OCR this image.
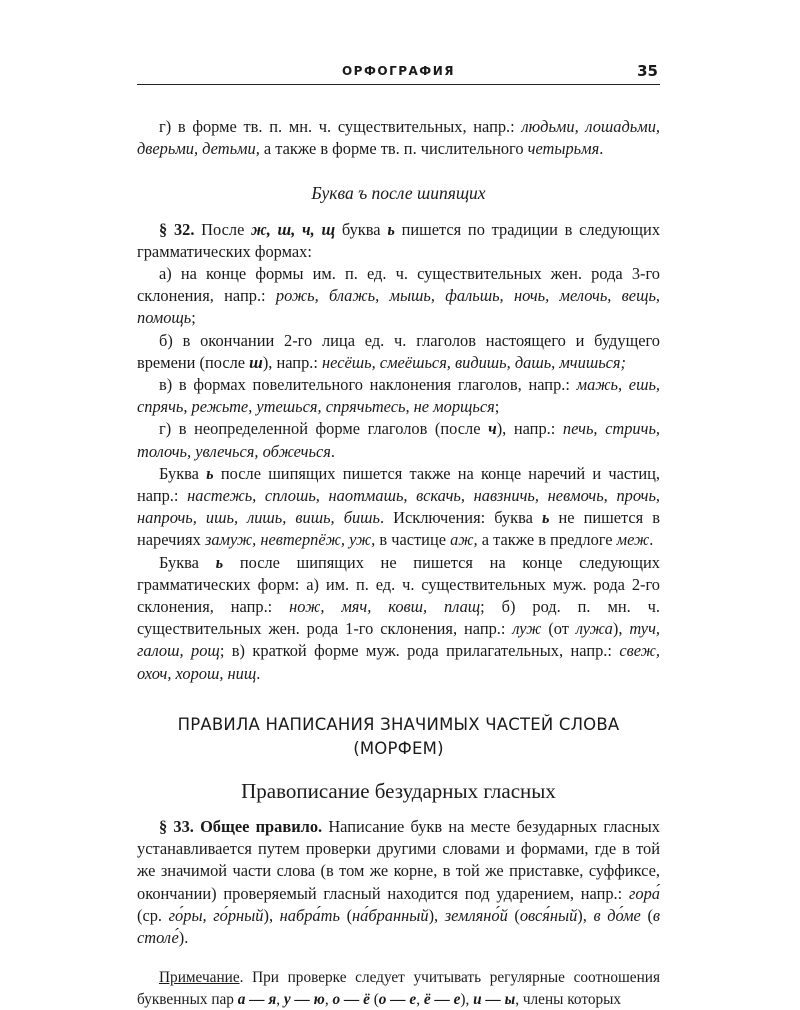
ОРФОГРАФИЯ	35

г) в форме тв. п. мн. ч. существительных, напр.: людьми, лошадьми, дверьми, детьми, а также в форме тв. п. числительного четырьмя.

Буква ъ после шипящих

§ 32. После ж, ш, ч, щ буква ь пишется по традиции в следующих грамматических формах:

а) на конце формы им. п. ед. ч. существительных жен. рода 3-го склонения, напр.: рожь, блажь, мышь, фальшь, ночь, мелочь, вещь, помощь;

б) в окончании 2-го лица ед. ч. глаголов настоящего и будущего времени (после ш), напр.: несёшь, смеёшься, видишь, дашь, мчишься;

в) в формах повелительного наклонения глаголов, напр.: мажь, ешь, спрячь, режьте, утешься, спрячьтесь, не морщься;

г) в неопределенной форме глаголов (после ч), напр.: печь, стричь, толочь, увлечься, обжечься.

Буква ь после шипящих пишется также на конце наречий и частиц, напр.: настежь, сплошь, наотмашь, вскачь, навзничь, невмочь, прочь, напрочь, ишь, лишь, вишь, бишь. Исключения: буква ь не пишется в наречиях замуж, невтерпёж, уж, в частице аж, а также в предлоге меж.

Буква ь после шипящих не пишется на конце следующих грамматических форм: а) им. п. ед. ч. существительных муж. рода 2-го склонения, напр.: нож, мяч, ковш, плащ; б) род. п. мн. ч. существительных жен. рода 1-го склонения, напр.: луж (от лужа), туч, галош, рощ; в) краткой форме муж. рода прилагательных, напр.: свеж, охоч, хорош, нищ.

ПРАВИЛА НАПИСАНИЯ ЗНАЧИМЫХ ЧАСТЕЙ СЛОВА
(МОРФЕМ)
Правописание безударных гласных

§ 33. Общее правило. Написание букв на месте безударных гласных устанавливается путем проверки другими словами и формами, где в той же значимой части слова (в том же корне, в той же приставке, суффиксе, окончании) проверяемый гласный находится под ударением, напр.: гора́ (ср. го́ры, го́рный), набра́ть (на́бранный), земляно́й (овся́ный), в до́ме (в столе́).

Примечание. При проверке следует учитывать регулярные соотношения буквенных пар а — я, у — ю, о — ё (о — е, ё — е), и — ы, члены которых
